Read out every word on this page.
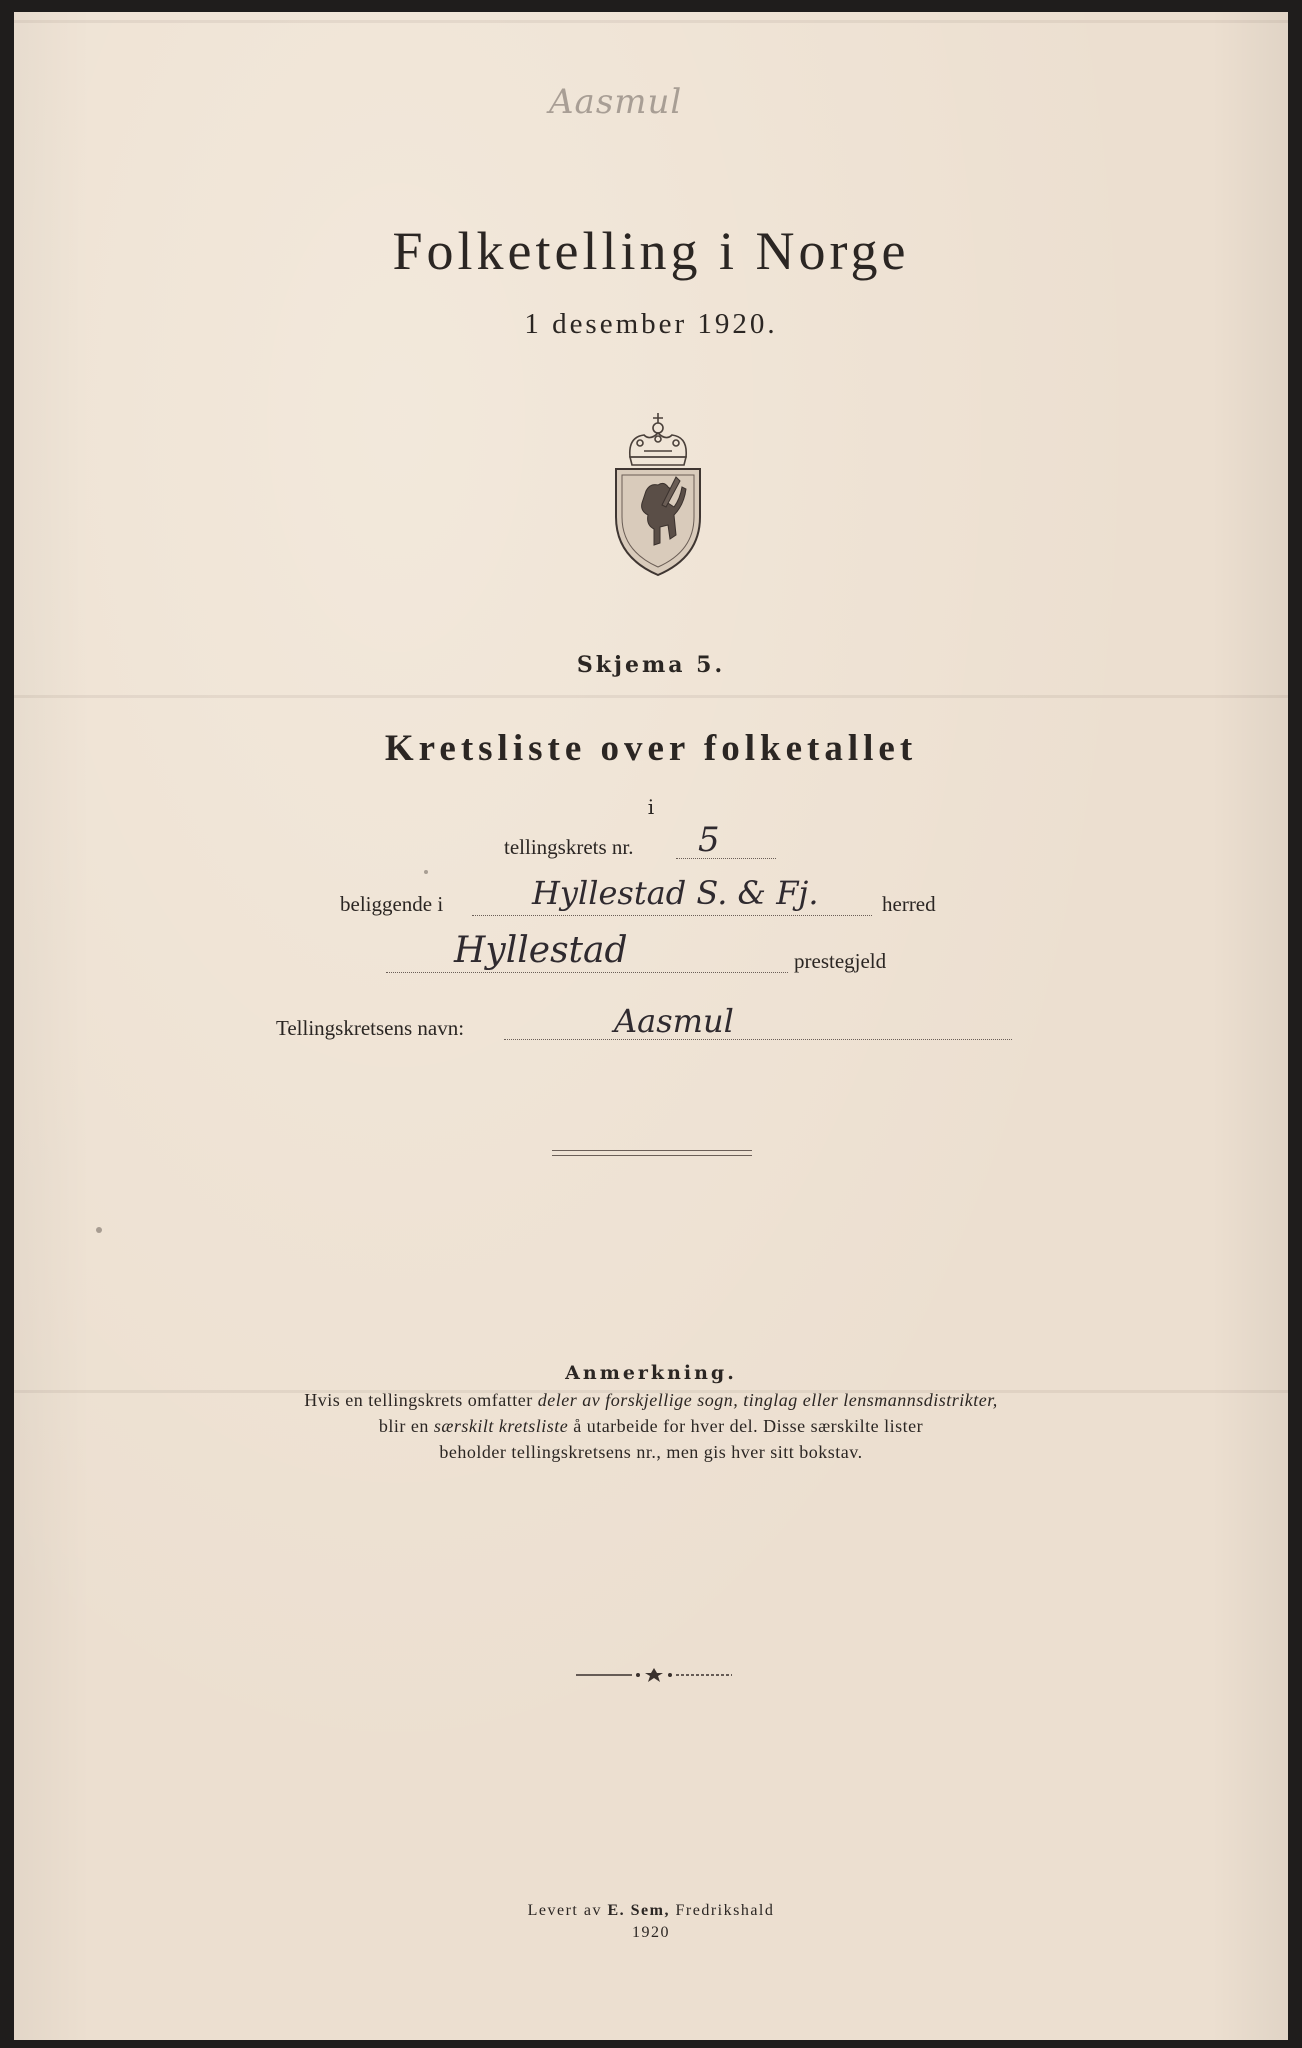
Aasmul
Folketelling i Norge
1 desember 1920.
Skjema 5.
Kretsliste over folketallet
i
tellingskrets nr. 5
beliggende i	Hyllestad S. & Fj.	herred
Hyllestad	prestegjeld
Tellingskretsens navn:	Aasmul
Anmerkning.
Hvis en tellingskrets omfatter deler av forskjellige sogn, tinglag eller lensmannsdistrikter,
blir en særskilt kretsliste å utarbeide for hver del. Disse særskilte lister
beholder tellingskretsens nr., men gis hver sitt bokstav.
Levert av E. Sem, Fredrikshald
1920
